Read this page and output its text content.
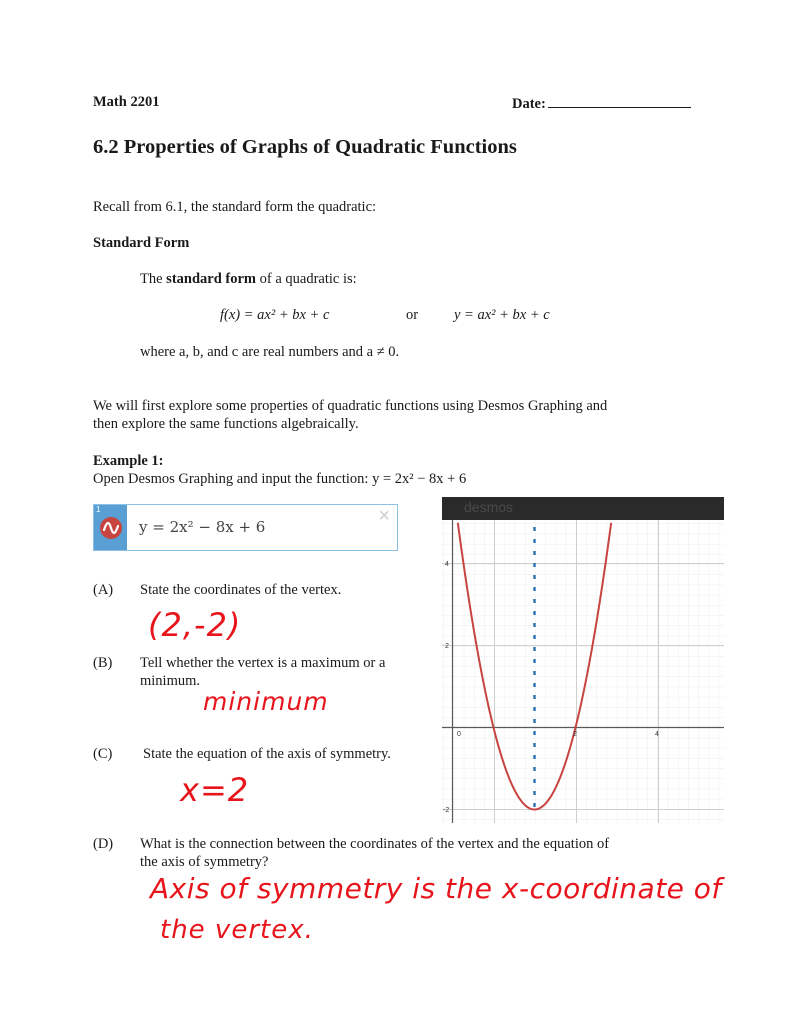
Math 2201	Date:
6.2 Properties of Graphs of Quadratic Functions
Recall from 6.1, the standard form the quadratic:
Standard Form
The standard form of a quadratic is:
f(x) = ax² + bx + c	or y = ax² + bx + c
where a, b, and c are real numbers and a ≠ 0.
We will first explore some properties of quadratic functions using Desmos Graphing and
then explore the same functions algebraically.
Example 1:
Open Desmos Graphing and input the function: y = 2x² − 8x + 6
1
y = 2x² − 8x + 6	×	desmos
4
2
-2
0	2	4
(A) State the coordinates of the vertex.
(2,-2)
(B) Tell whether the vertex is a maximum or a
minimum.
minimum
(C) State the equation of the axis of symmetry.
x=2
(D) What is the connection between the coordinates of the vertex and the equation of
the axis of symmetry?
Axis of symmetry is the x-coordinate of
the vertex.
